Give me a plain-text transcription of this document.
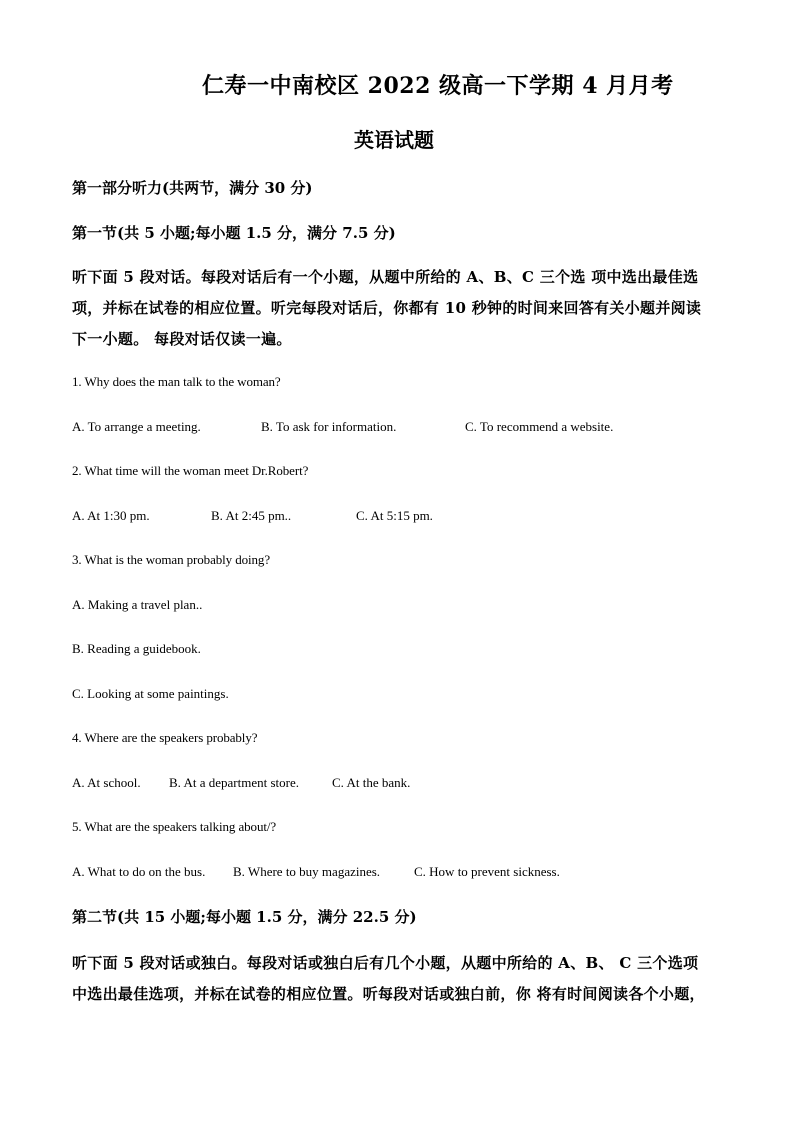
仁寿一中南校区 2022 级高一下学期 4 月月考
英语试题
第一部分听力(共两节，满分 30 分)
第一节(共 5 小题;每小题 1.5 分，满分 7.5 分)
听下面 5 段对话。每段对话后有一个小题，从题中所给的 A、B、C 三个选 项中选出最佳选
项，并标在试卷的相应位置。听完每段对话后，你都有 10 秒钟的时间来回答有关小题并阅读
下一小题。 每段对话仅读一遍。
1. Why does the man talk to the woman?
A. To arrange a meeting.	B. To ask for information.	C. To recommend a website.
2. What time will the woman meet Dr.Robert?
A. At 1:30 pm.	B. At 2:45 pm..	C. At 5:15 pm.
3. What is the woman probably doing?
A. Making a travel plan..
B. Reading a guidebook.
C. Looking at some paintings.
4. Where are the speakers probably?
A. At school. B. At a department store.	C. At the bank.
5. What are the speakers talking about/?
A. What to do on the bus. B. Where to buy magazines.	C. How to prevent sickness.
第二节(共 15 小题;每小题 1.5 分，满分 22.5 分)
听下面 5 段对话或独白。每段对话或独白后有几个小题，从题中所给的 A、B、 C 三个选项
中选出最佳选项，并标在试卷的相应位置。听每段对话或独白前，你 将有时间阅读各个小题，
